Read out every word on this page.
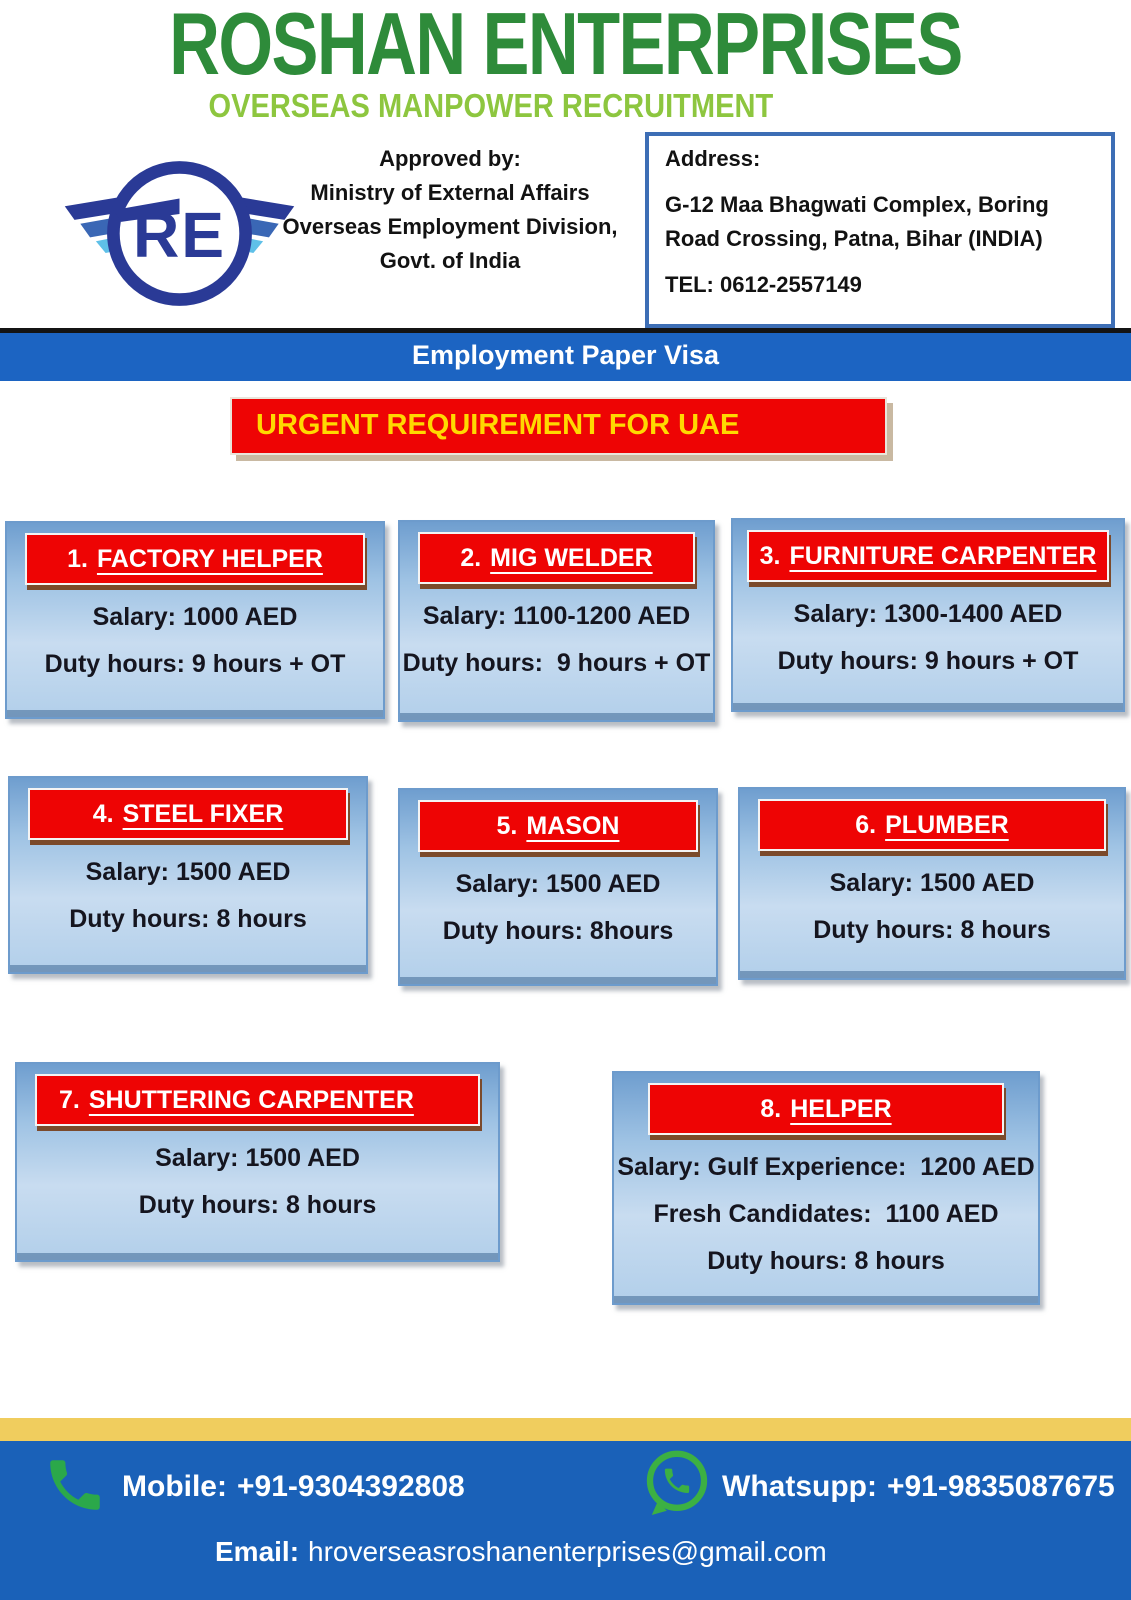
ROSHAN ENTERPRISES
OVERSEAS MANPOWER RECRUITMENT
RE
Approved by:
Ministry of External Affairs
Overseas Employment Division,
Govt. of India
Address:
G-12 Maa Bhagwati Complex, Boring
Road Crossing, Patna, Bihar (INDIA)
TEL: 0612-2557149
Employment Paper Visa
URGENT REQUIREMENT FOR UAE
1. FACTORY HELPER
Salary: 1000 AED
Duty hours: 9 hours + OT
2. MIG WELDER
Salary: 1100-1200 AED
Duty hours:  9 hours + OT
3. FURNITURE CARPENTER
Salary: 1300-1400 AED
Duty hours: 9 hours + OT
4. STEEL FIXER
Salary: 1500 AED
Duty hours: 8 hours
5. MASON
Salary: 1500 AED
Duty hours: 8hours
6. PLUMBER
Salary: 1500 AED
Duty hours: 8 hours
7. SHUTTERING CARPENTER
Salary: 1500 AED
Duty hours: 8 hours
8. HELPER
Salary: Gulf Experience:  1200 AED
Fresh Candidates:  1100 AED
Duty hours: 8 hours
Mobile: +91-9304392808	Whatsupp: +91-9835087675
Email: hroverseasroshanenterprises@gmail.com
